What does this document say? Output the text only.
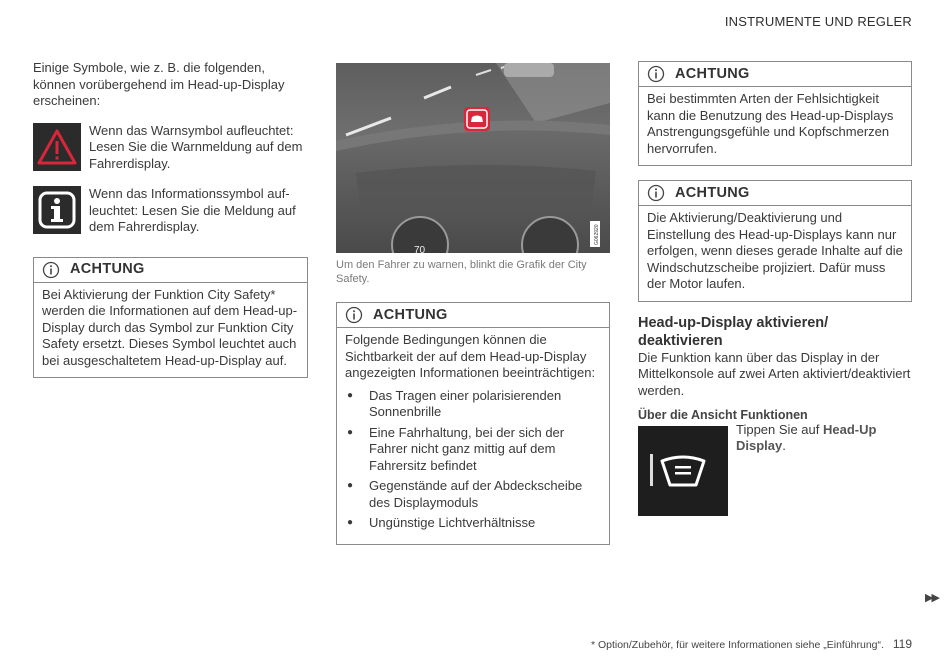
INSTRUMENTE UND REGLER

Einige Symbole, wie z. B. die folgenden, können vorübergehend im Head-up-Display erscheinen:

Wenn das Warnsymbol aufleuchtet: Lesen Sie die Warnmeldung auf dem Fahrerdisplay.

Wenn das Informationssymbol auf-leuchtet: Lesen Sie die Meldung auf dem Fahrerdisplay.

ACHTUNG

Bei Aktivierung der Funktion City Safety* werden die Informationen auf dem Head-up-Display durch das Symbol zur Funktion City Safety ersetzt. Dieses Symbol leuchtet auch bei ausgeschaltetem Head-up-Display auf.

70
G062920

Um den Fahrer zu warnen, blinkt die Grafik der City Safety.

ACHTUNG

Folgende Bedingungen können die Sichtbarkeit der auf dem Head-up-Display angezeigten Informationen beeinträchtigen:

● Das Tragen einer polarisierenden Sonnenbrille
● Eine Fahrhaltung, bei der sich der Fahrer nicht ganz mittig auf dem Fahrersitz befindet
● Gegenstände auf der Abdeckscheibe des Displaymoduls
● Ungünstige Lichtverhältnisse
ACHTUNG

Bei bestimmten Arten der Fehlsichtigkeit kann die Benutzung des Head-up-Displays Anstrengungsgefühle und Kopfschmerzen hervorrufen.

ACHTUNG

Die Aktivierung/Deaktivierung und Einstellung des Head-up-Displays kann nur erfolgen, wenn dieses gerade Inhalte auf die Windschutzscheibe projiziert. Dafür muss der Motor laufen.

Head-up-Display aktivieren/ deaktivieren

Die Funktion kann über das Display in der Mittelkonsole auf zwei Arten aktiviert/deaktiviert werden.

Über die Ansicht Funktionen

Tippen Sie auf Head-Up Display.

▶▶
* Option/Zubehör, für weitere Informationen siehe „Einführung“. 119
